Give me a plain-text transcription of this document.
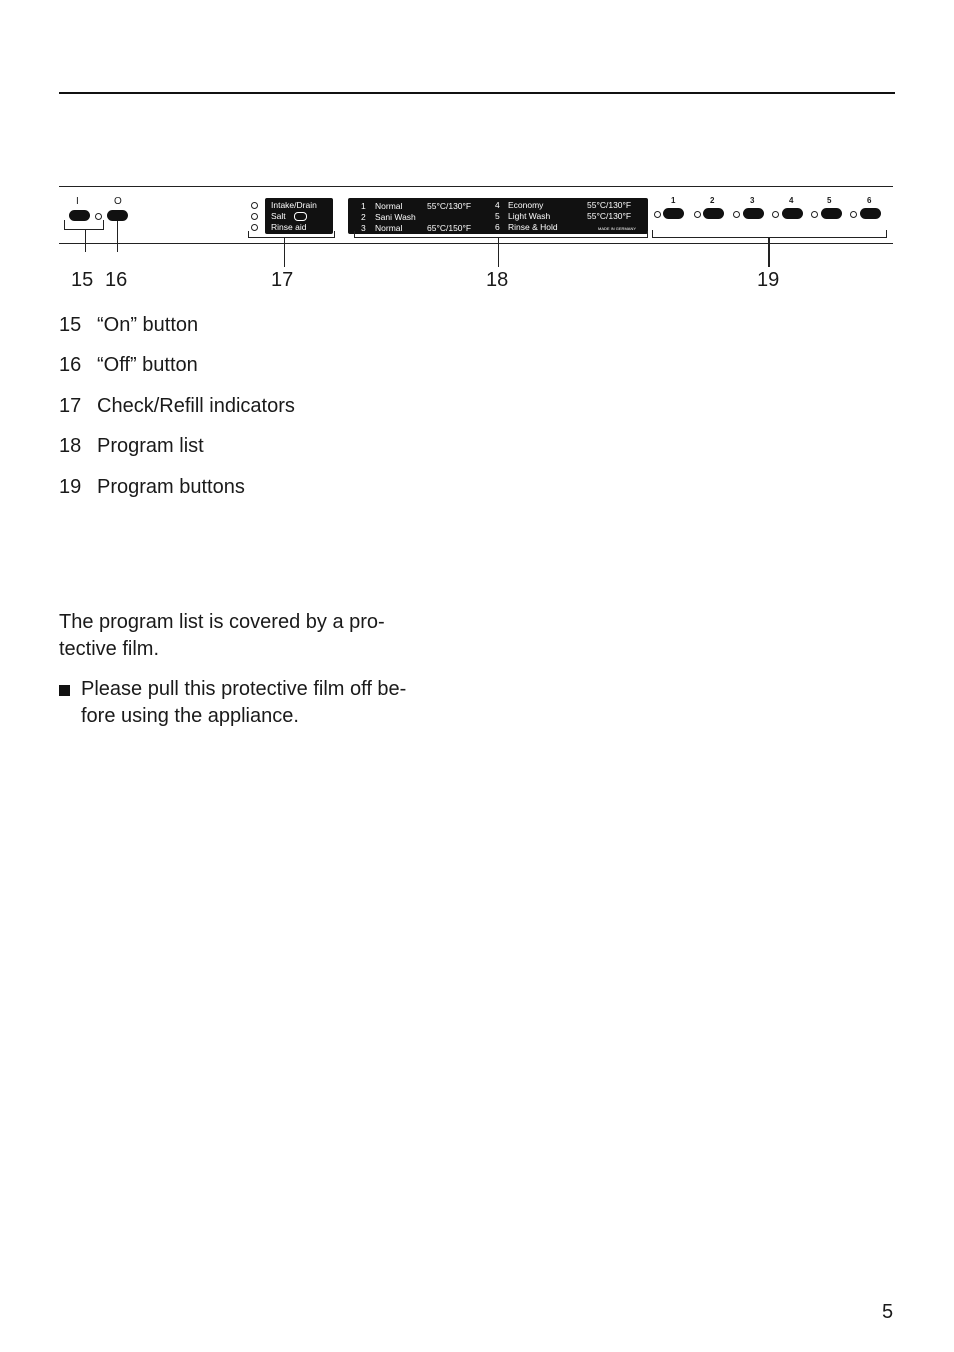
I	O	Intake/Drain
Salt
Rinse aid
1 Normal	55°C/130°F
2 Sani Wash
3 Normal	65°C/150°F
4 Economy	55°C/130°F
5 Light Wash	55°C/130°F
6 Rinse & Hold	MADE IN GERMANY
1	2	3	4	5	6
15 16	17	18	19
15 “On” button
16 “Off” button
17 Check/Refill indicators
18 Program list
19 Program buttons
The program list is covered by a pro-
tective film.
Please pull this protective film off be-
fore using the appliance.
5
